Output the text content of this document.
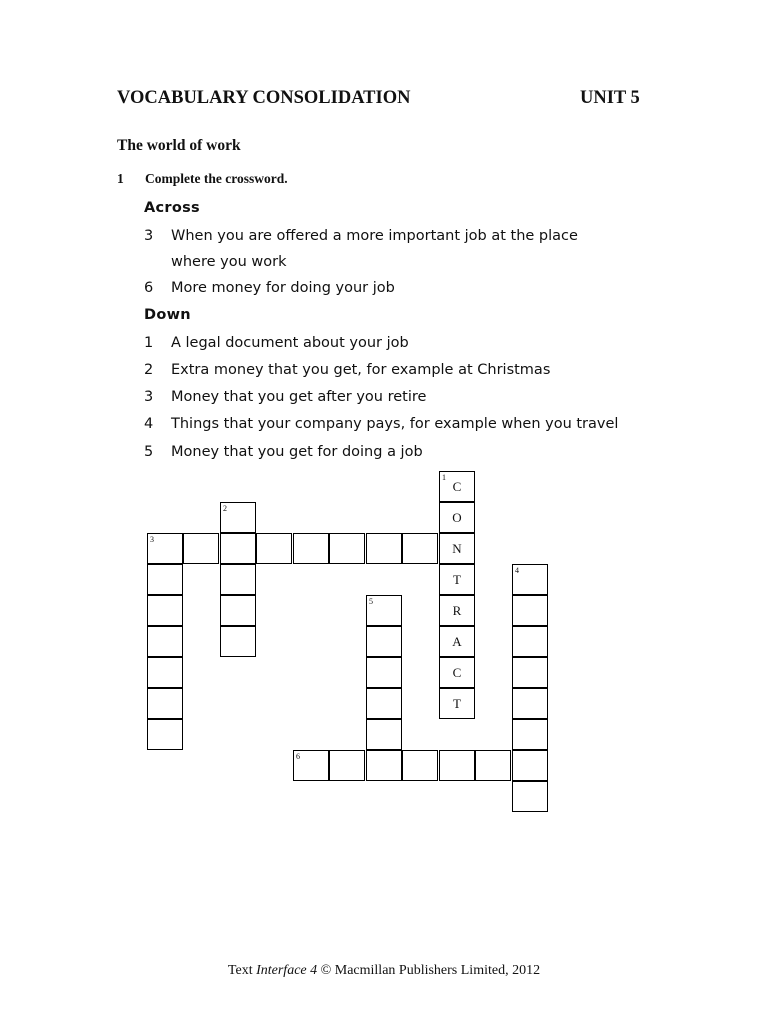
VOCABULARY CONSOLIDATION	UNIT 5
The world of work
1 Complete the crossword.
Across
3 When you are offered a more important job at the place where you work
6 More money for doing your job
Down
1 A legal document about your job
2 Extra money that you get, for example at Christmas
3 Money that you get after you retire
4 Things that your company pays, for example when you travel
5 Money that you get for doing a job
1
C
O
N
T
R
A
C
T
2
3
4
5
6
Text Interface 4 © Macmillan Publishers Limited, 2012
